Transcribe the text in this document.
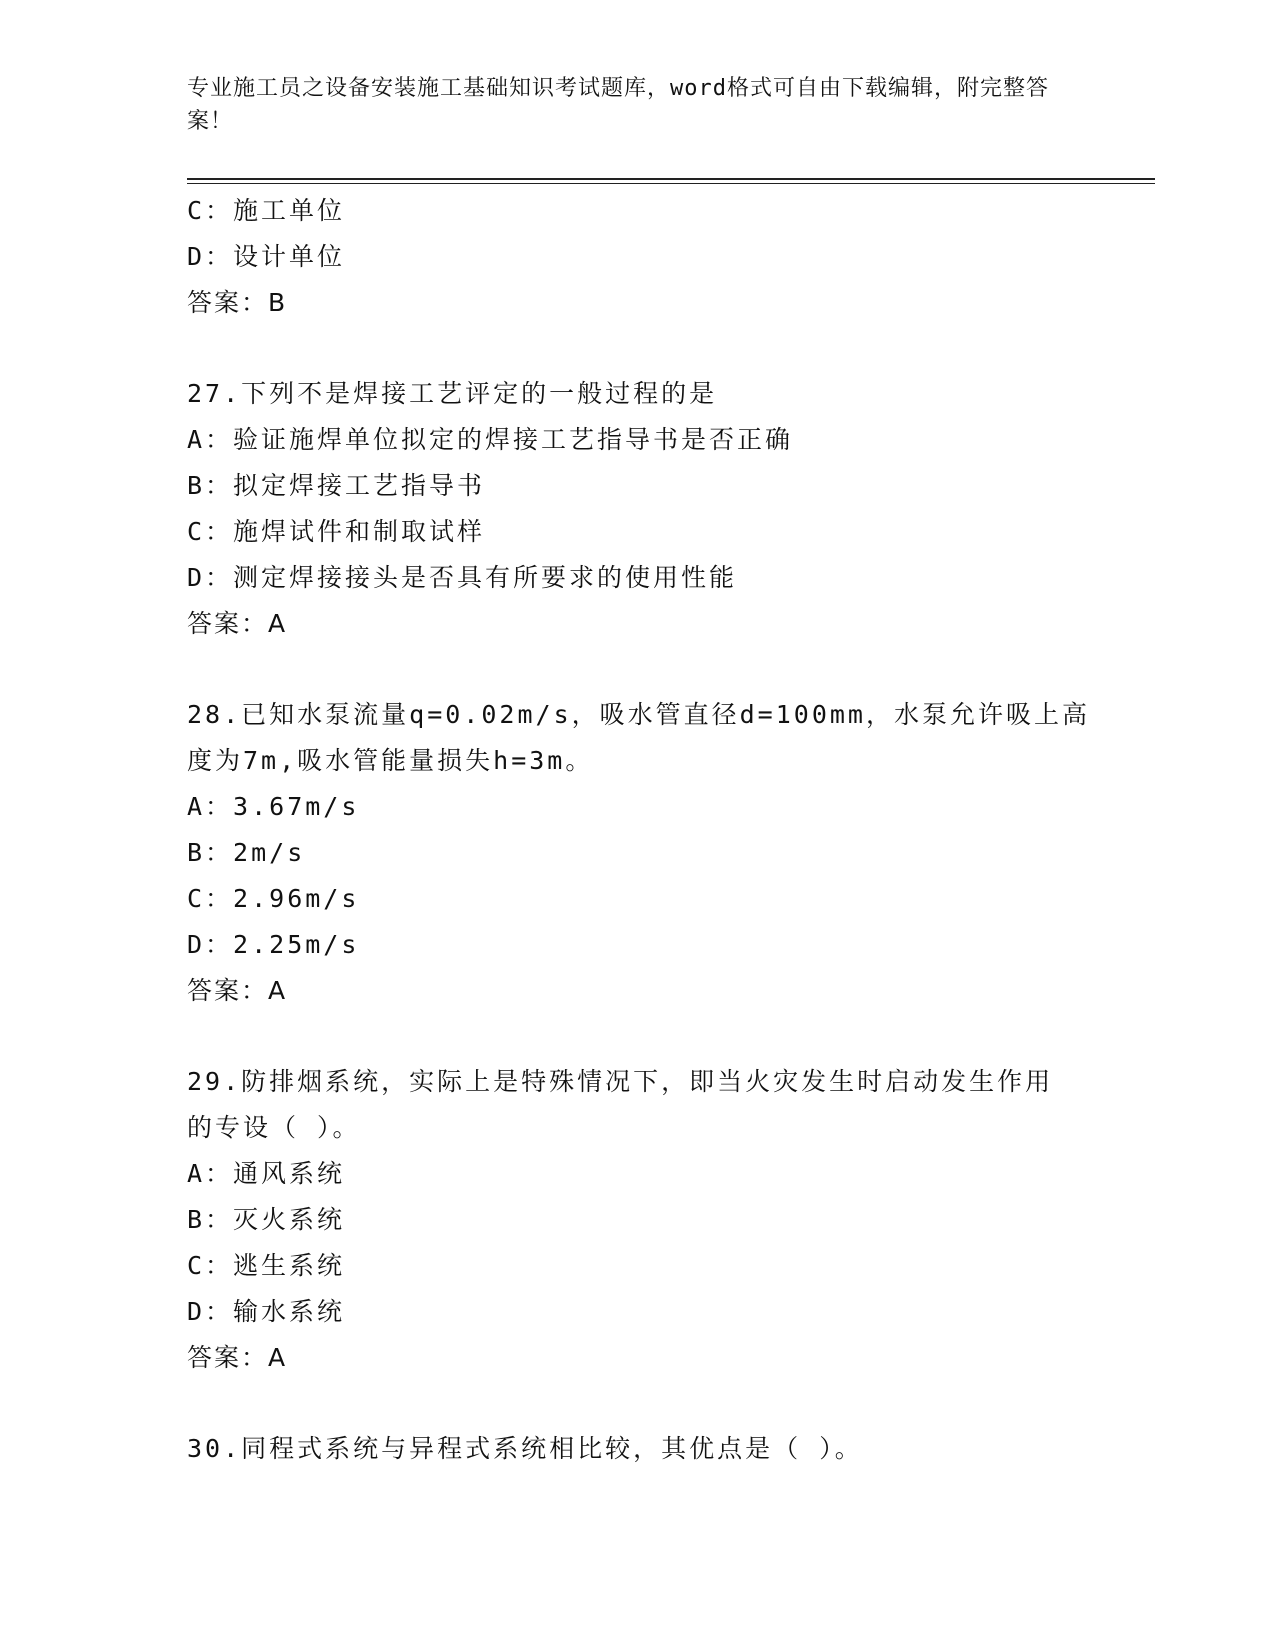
专业施工员之设备安装施工基础知识考试题库，word格式可自由下载编辑，附完整答案！
C：施工单位
D：设计单位
答案：B
27.下列不是焊接工艺评定的一般过程的是
A：验证施焊单位拟定的焊接工艺指导书是否正确
B：拟定焊接工艺指导书
C：施焊试件和制取试样
D：测定焊接接头是否具有所要求的使用性能
答案：A
28.已知水泵流量q=0.02m/s，吸水管直径d=100mm，水泵允许吸上高
度为7m,吸水管能量损失h=3m。
A：3.67m/s
B：2m/s
C：2.96m/s
D：2.25m/s
答案：A
29.防排烟系统，实际上是特殊情况下，即当火灾发生时启动发生作用
的专设（ ）。
A：通风系统
B：灭火系统
C：逃生系统
D：输水系统
答案：A
30.同程式系统与异程式系统相比较，其优点是（ ）。
